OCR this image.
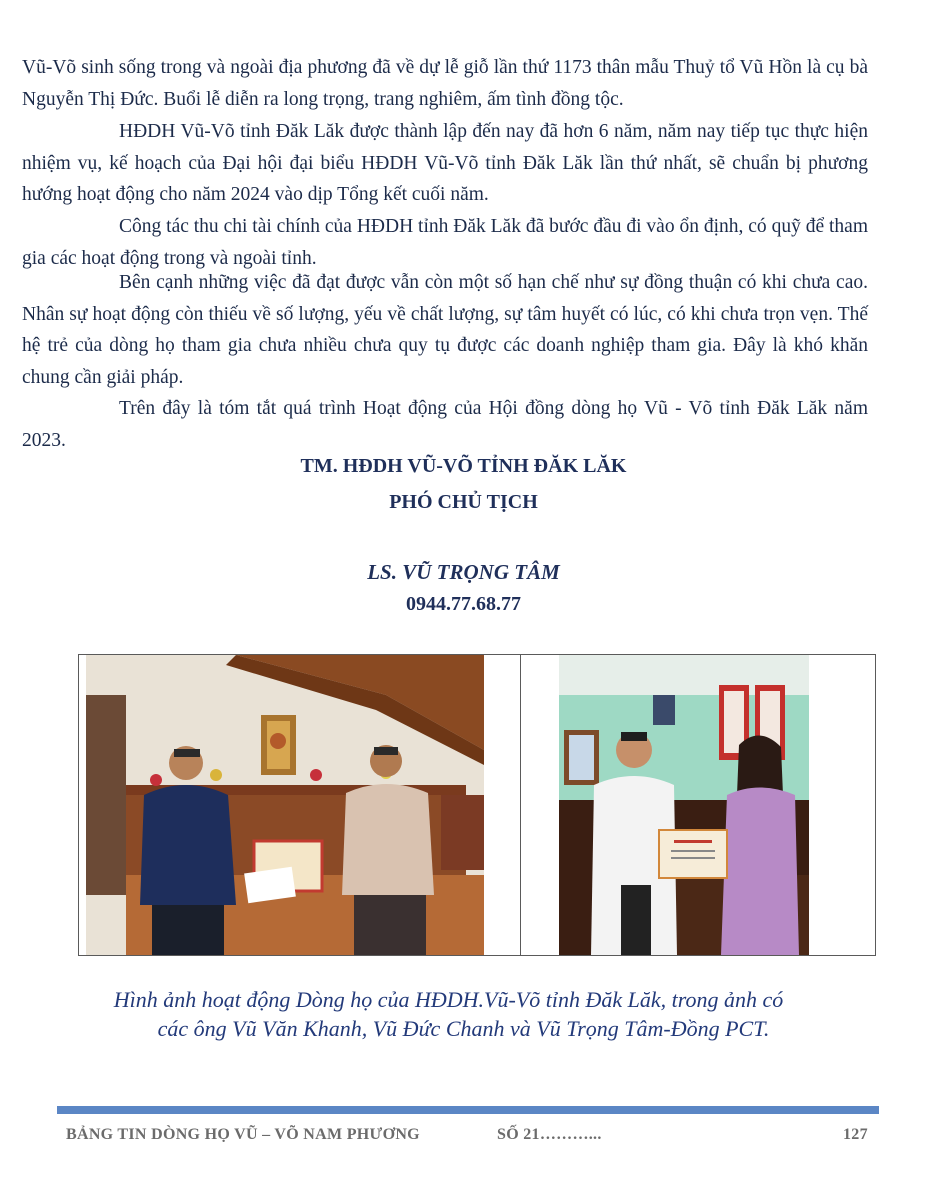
Vũ-Võ sinh sống trong và ngoài địa phương đã về dự lễ giỗ lần thứ 1173 thân mẫu Thuỷ tổ Vũ Hồn là cụ bà Nguyễn Thị Đức. Buổi lễ diễn ra long trọng, trang nghiêm, ấm tình đồng tộc.

HĐDH Vũ-Võ tỉnh Đăk Lăk được thành lập đến nay đã hơn 6 năm, năm nay tiếp tục thực hiện nhiệm vụ, kế hoạch của Đại hội đại biểu HĐDH Vũ-Võ tỉnh Đăk Lăk lần thứ nhất, sẽ chuẩn bị phương hướng hoạt động cho năm 2024 vào dịp Tổng kết cuối năm.

Công tác thu chi tài chính của HĐDH tỉnh Đăk Lăk đã bước đầu đi vào ổn định, có quỹ để tham gia các hoạt động trong và ngoài tỉnh.

Bên cạnh những việc đã đạt được vẫn còn một số hạn chế như sự đồng thuận có khi chưa cao. Nhân sự hoạt động còn thiếu về số lượng, yếu về chất lượng, sự tâm huyết có lúc, có khi chưa trọn vẹn. Thế hệ trẻ của dòng họ tham gia chưa nhiều chưa quy tụ được các doanh nghiệp tham gia. Đây là khó khăn chung cần giải pháp.

Trên đây là tóm tắt quá trình Hoạt động của Hội đồng dòng họ Vũ - Võ tỉnh Đăk Lăk năm 2023.

TM. HĐDH VŨ-VÕ TỈNH ĐĂK LĂK
PHÓ CHỦ TỊCH
LS. VŨ TRỌNG TÂM
0944.77.68.77
Hình ảnh hoạt động Dòng họ của HĐDH.Vũ-Võ tỉnh Đăk Lăk, trong ảnh có
các ông Vũ Văn Khanh, Vũ Đức Chanh và Vũ Trọng Tâm-Đồng PCT.
BẢNG TIN DÒNG HỌ VŨ – VÕ NAM PHƯƠNG	SỐ 21………...	127
